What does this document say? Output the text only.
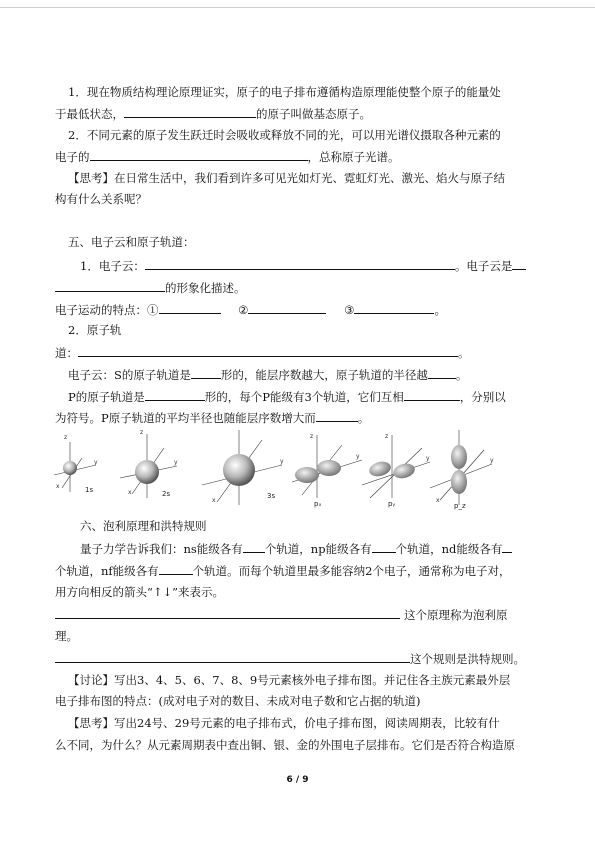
1．现在物质结构理论原理证实，原子的电子排布遵循构造原理能使整个原子的能量处
于最低状态，	的原子叫做基态原子。
2．不同元素的原子发生跃迁时会吸收或释放不同的光，可以用光谱仪摄取各种元素的
电子的	，总称原子光谱。
【思考】在日常生活中，我们看到许多可见光如灯光、霓虹灯光、激光、焰火与原子结
构有什么关系呢？
五、电子云和原子轨道：
1．电子云：	。电子云是
的形象化描述。
电子运动的特点：①	②	③	。
2．原子轨
道：	。
电子云：S的原子轨道是	形的，能层序数越大，原子轨道的半径越 。
P的原子轨道是	形的，每个P能级有3个轨道，它们互相	，分别以
为符号。P原子轨道的平均半径也随能层序数增大而	。
z
y
x
z
y
x
y
x
z
y
z
y	y
x
1s	2s	3s
pₓ	pᵧ	p_z
六、泡利原理和洪特规则
量子力学告诉我们：ns能级各有 个轨道，np能级各有 个轨道，nd能级各有
个轨道，nf能级各有	个轨道。而每个轨道里最多能容纳2个电子，通常称为电子对，
用方向相反的箭头“↑↓”来表示。
这个原理称为泡利原
理。
这个规则是洪特规则。
【讨论】写出3、4、5、6、7、8、9号元素核外电子排布图。并记住各主族元素最外层
电子排布图的特点：(成对电子对的数目、未成对电子数和它占据的轨道)
【思考】写出24号、29号元素的电子排布式，价电子排布图，阅读周期表，比较有什
么不同，为什么？从元素周期表中查出铜、银、金的外围电子层排布。它们是否符合构造原
6 / 9
